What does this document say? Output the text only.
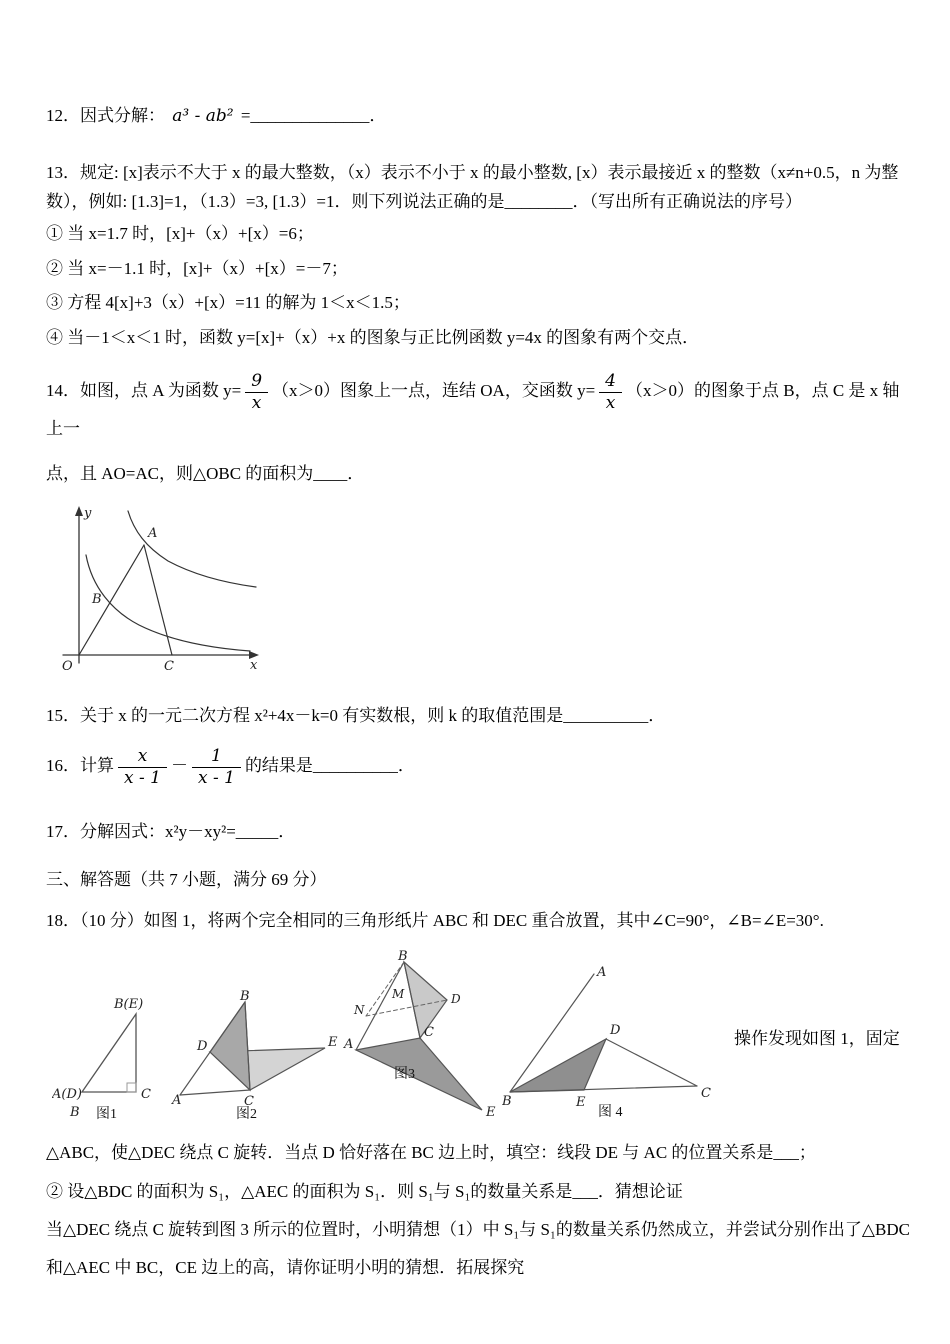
12．因式分解： a³ - ab² =______________．

13．规定: [x]表示不大于 x 的最大整数，（x）表示不小于 x 的最小整数, [x）表示最接近 x 的整数（x≠n+0.5，n 为整数），例如: [1.3]=1，（1.3）=3, [1.3）=1．则下列说法正确的是________．（写出所有正确说法的序号）

① 当 x=1.7 时，[x]+（x）+[x）=6；

② 当 x=－1.1 时，[x]+（x）+[x）=－7；

③ 方程 4[x]+3（x）+[x）=11 的解为 1＜x＜1.5；

④ 当－1＜x＜1 时，函数 y=[x]+（x）+x 的图象与正比例函数 y=4x 的图象有两个交点．

14．如图，点 A 为函数 $y= \frac{9}{x} (x>0)$图象上一点，连结 OA，交函数 $y= \frac{4}{x} (x>0)$的图象于点 B，点 C 是 x 轴上一

点，且 AO=AC，则△OBC 的面积为____．

y
x
O
A
B
C

15．关于 x 的一元二次方程 x²+4x－k=0 有实数根，则 k 的取值范围是__________．

16．计算 $\frac{x}{x - 1} - \frac{1}{x - 1}$ 的结果是__________．

17．分解因式：x²y－xy²=_____．

三、解答题（共 7 小题，满分 69 分）

18．（10 分）如图 1，将两个完全相同的三角形纸片 ABC 和 DEC 重合放置，其中∠C=90°，∠B=∠E=30°.

B(E)
A(D)	C
B 图1
B
D	E
A	C
图2
B
M	D
N
A
C
E
图3
A
D
B	E
C
图 4
操作发现如图 1，固定

△ABC，使△DEC 绕点 C 旋转．当点 D 恰好落在 BC 边上时，填空：线段 DE 与 AC 的位置关系是___；

② 设△BDC 的面积为 S₁，△AEC 的面积为 S₁．则 S₁与 S₁的数量关系是___．猜想论证

当△DEC 绕点 C 旋转到图 3 所示的位置时，小明猜想（1）中 S₁与 S₁的数量关系仍然成立，并尝试分别作出了△BDC

和△AEC 中 BC，CE 边上的高，请你证明小明的猜想．拓展探究
